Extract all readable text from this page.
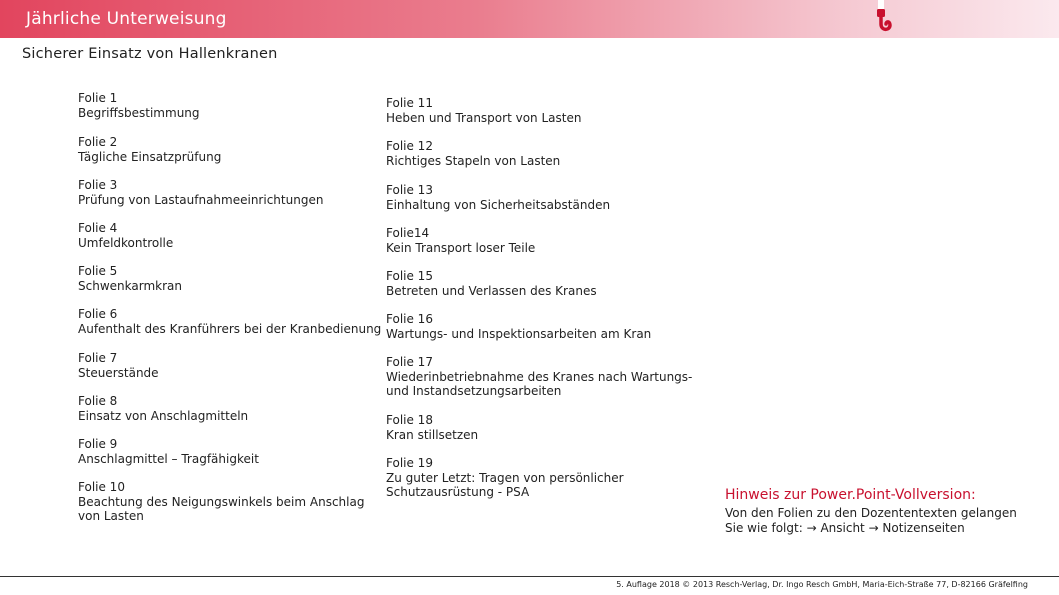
Jährliche Unterweisung
Sicherer Einsatz von Hallenkranen
Folie 1
Begriffsbestimmung
Folie 2
Tägliche Einsatzprüfung
Folie 3
Prüfung von Lastaufnahmeeinrichtungen
Folie 4
Umfeldkontrolle
Folie 5
Schwenkarmkran
Folie 6
Aufenthalt des Kranführers bei der Kranbedienung
Folie 7
Steuerstände
Folie 8
Einsatz von Anschlagmitteln
Folie 9
Anschlagmittel – Tragfähigkeit
Folie 10
Beachtung des Neigungswinkels beim Anschlag
von Lasten
Folie 11
Heben und Transport von Lasten
Folie 12
Richtiges Stapeln von Lasten
Folie 13
Einhaltung von Sicherheitsabständen
Folie14
Kein Transport loser Teile
Folie 15
Betreten und Verlassen des Kranes
Folie 16
Wartungs- und Inspektionsarbeiten am Kran
Folie 17
Wiederinbetriebnahme des Kranes nach Wartungs-
und Instandsetzungsarbeiten
Folie 18
Kran stillsetzen
Folie 19
Zu guter Letzt: Tragen von persönlicher
Schutzausrüstung - PSA	Hinweis zur Power.Point-Vollversion:
Von den Folien zu den Dozententexten gelangen
Sie wie folgt: → Ansicht → Notizenseiten
5. Auflage 2018 © 2013 Resch-Verlag, Dr. Ingo Resch GmbH, Maria-Eich-Straße 77, D-82166 Gräfelfing
